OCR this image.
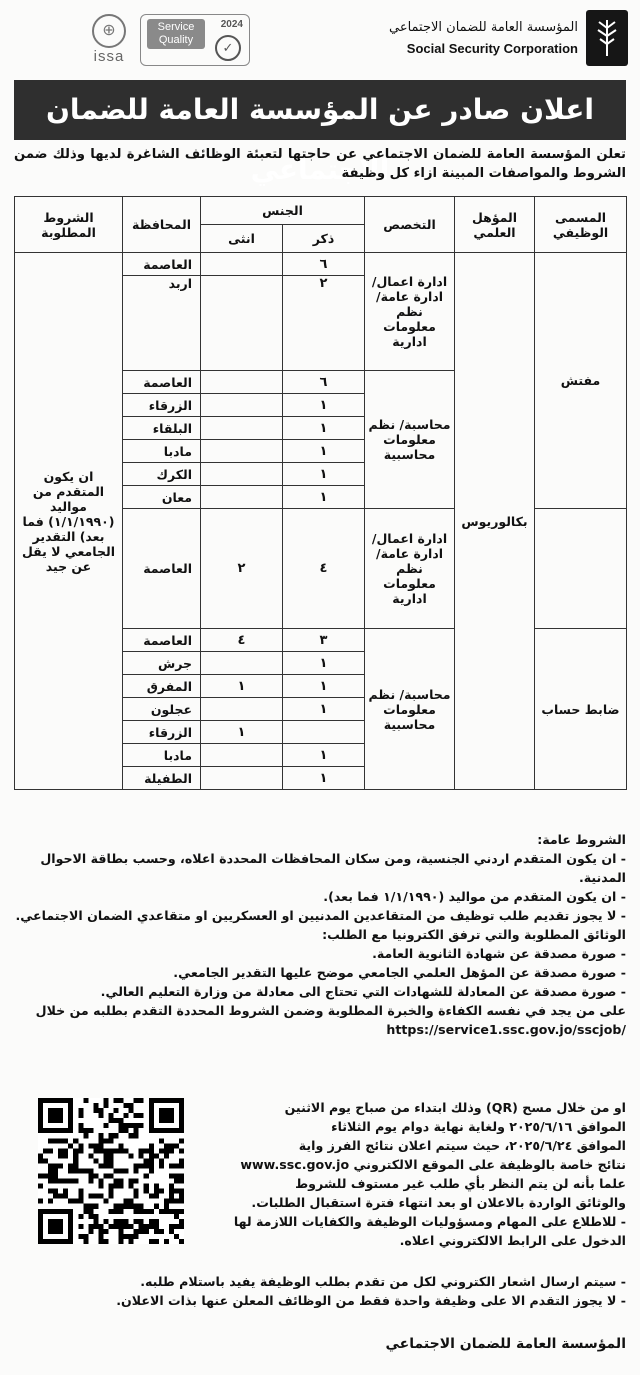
المؤسسة العامة للضمان الاجتماعي
Social Security Corporation
Service Quality
2024
✓
⊕
issa
اعلان صادر عن المؤسسة العامة للضمان الاجتماعي
تعلن المؤسسة العامة للضمان الاجتماعي عن حاجتها لتعبئة الوظائف الشاغرة لديها وذلك ضمن الشروط والمواصفات المبينة ازاء كل وظيفة
المسمى الوظيفي	المؤهل العلمي	التخصص	الجنس		المحافظة	الشروط المطلوبة
			ذكر	انثى		
مفتش	بكالوريوس	ادارة اعمال/ ادارة عامة/نظم معلومات ادارية	٦		العاصمة	ان يكون المتقدم من مواليد (١/١/١٩٩٠) فما بعد) التقدير الجامعي لا يقل عن جيد
			٢		اربد	
		محاسبة/ نظم معلومات محاسبية	٦		العاصمة	
			١		الزرقاء	
			١		البلقاء	
			١		مادبا	
			١		الكرك	
			١		معان	
		ادارة اعمال/ ادارة عامة/نظم معلومات ادارية	٤	٢	العاصمة	
ضابط حساب		محاسبة/ نظم معلومات محاسبية	٣	٤	العاصمة	
			١		جرش	
			١	١	المفرق	
			١		عجلون	
				١	الزرقاء	
			١		مادبا	
			١		الطفيلة	

الشروط عامة:

- ان يكون المتقدم اردني الجنسية، ومن سكان المحافظات المحددة اعلاه، وحسب بطاقة الاحوال المدنية.

- ان يكون المتقدم من مواليد (١/١/١٩٩٠ فما بعد).

- لا يجوز تقديم طلب توظيف من المتقاعدين المدنيين او العسكريين او متقاعدي الضمان الاجتماعي.

الوثائق المطلوبة والتي ترفق الكترونيا مع الطلب:

- صورة مصدقة عن شهادة الثانوية العامة.

- صورة مصدقة عن المؤهل العلمي الجامعي موضح عليها التقدير الجامعي.

- صورة مصدقة عن المعادلة للشهادات التي تحتاج الى معادلة من وزارة التعليم العالي.

على من يجد في نفسه الكفاءة والخبرة المطلوبة وضمن الشروط المحددة التقدم بطلبه من خلال

https://service1.ssc.gov.jo/sscjob/

او من خلال مسح (QR) وذلك ابتداء من صباح يوم الاثنين
الموافق ٢٠٢٥/٦/١٦ ولغاية نهاية دوام يوم الثلاثاء
الموافق ٢٠٢٥/٦/٢٤، حيث سيتم اعلان نتائج الفرز واية
نتائج خاصة بالوظيفة على الموقع الالكتروني www.ssc.gov.jo
علما بأنه لن يتم النظر بأي طلب غير مستوف للشروط
والوثائق الواردة بالاعلان او بعد انتهاء فترة استقبال الطلبات.
- للاطلاع على المهام ومسؤوليات الوظيفة والكفايات اللازمة لها
الدخول على الرابط الالكتروني اعلاه.
- سيتم ارسال اشعار الكتروني لكل من تقدم بطلب الوظيفة يفيد باستلام طلبه.
- لا يجوز التقدم الا على وظيفة واحدة فقط من الوظائف المعلن عنها بذات الاعلان.
المؤسسة العامة للضمان الاجتماعي
